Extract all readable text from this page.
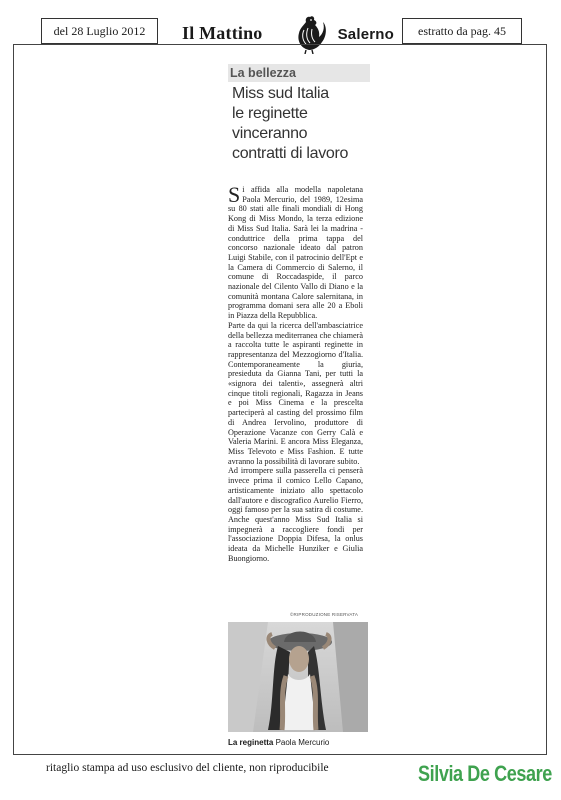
del 28 Luglio 2012 Il Mattino	Salerno estratto da pag. 45
La bellezza
Miss sud Italia
le reginette
vinceranno
contratti di lavoro

Si affida alla modella napoletana Paola Mercurio, del 1989, 12esima su 80 stati alle finali mondiali di Hong Kong di Miss Mondo, la terza edizione di Miss Sud Italia. Sarà lei la madrina - conduttrice della prima tappa del concorso nazionale ideato dal patron Luigi Stabile, con il patrocinio dell'Ept e la Camera di Commercio di Salerno, il comune di Roccadaspide, il parco nazionale del Cilento Vallo di Diano e la comunità montana Calore salernitana, in programma domani sera alle 20 a Eboli in Piazza della Repubblica.

Parte da qui la ricerca dell'ambasciatrice della bellezza mediterranea che chiamerà a raccolta tutte le aspiranti reginette in rappresentanza del Mezzogiorno d'Italia. Contemporaneamente la giuria, presieduta da Gianna Tani, per tutti la «signora dei talenti», assegnerà altri cinque titoli regionali, Ragazza in Jeans e poi Miss Cinema e la prescelta parteciperà al casting del prossimo film di Andrea Iervolino, produttore di Operazione Vacanze con Gerry Calà e Valeria Marini. E ancora Miss Eleganza, Miss Televoto e Miss Fashion. E tutte avranno la possibilità di lavorare subito.

Ad irrompere sulla passerella ci penserà invece prima il comico Lello Capano, artisticamente iniziato allo spettacolo dall'autore e discografico Aurelio Fierro, oggi famoso per la sua satira di costume. Anche quest'anno Miss Sud Italia si impegnerà a raccogliere fondi per l'associazione Doppia Difesa, la onlus ideata da Michelle Hunziker e Giulia Buongiorno.

©RIPRODUZIONE RISERVATA
La reginetta Paola Mercurio
ritaglio stampa ad uso esclusivo del cliente, non riproducibile	Silvia De Cesare
